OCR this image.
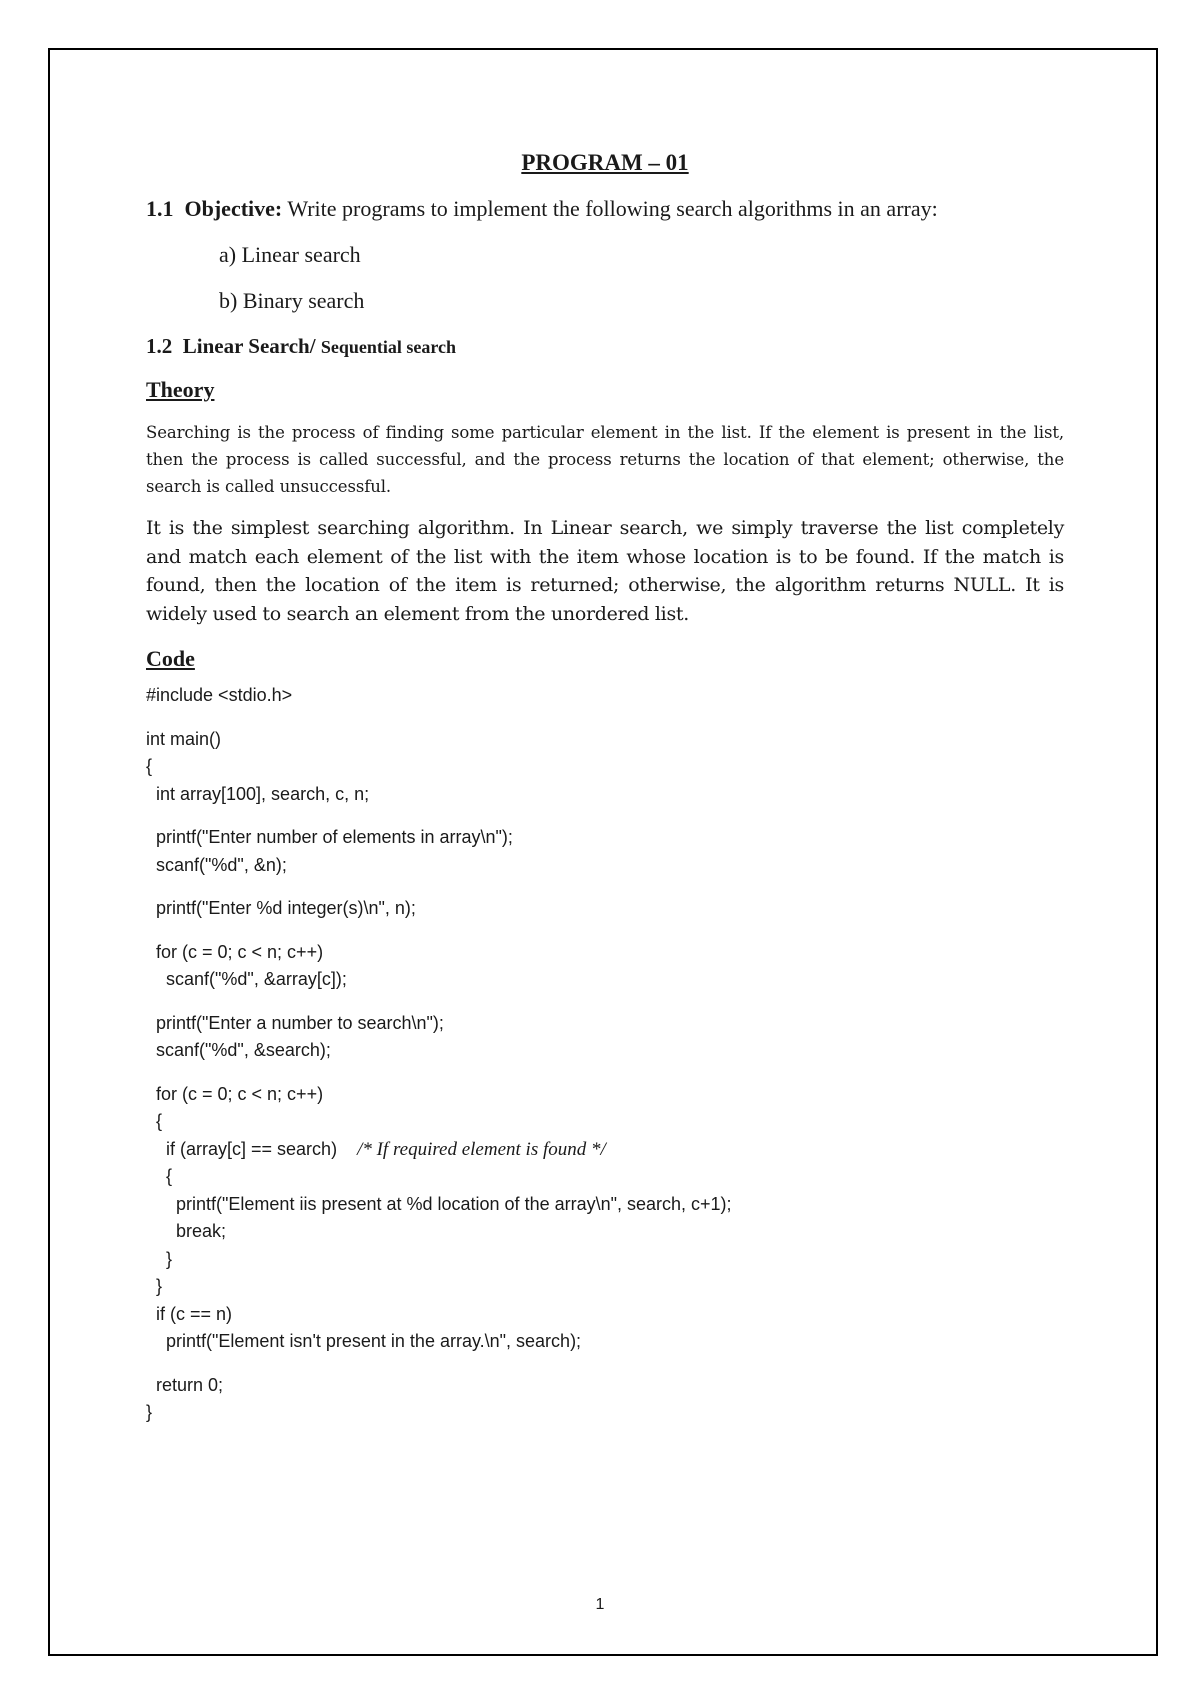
PROGRAM – 01
1.1 Objective: Write programs to implement the following search algorithms in an array:
a) Linear search
b) Binary search
1.2 Linear Search/ Sequential search
Theory
Searching is the process of finding some particular element in the list. If the element is present in the list, then the process is called successful, and the process returns the location of that element; otherwise, the search is called unsuccessful.
It is the simplest searching algorithm. In Linear search, we simply traverse the list completely and match each element of the list with the item whose location is to be found. If the match is found, then the location of the item is returned; otherwise, the algorithm returns NULL. It is widely used to search an element from the unordered list.
Code
#include <stdio.h>
int main()
{
int array[100], search, c, n;
printf("Enter number of elements in array\n");
scanf("%d", &n);
printf("Enter %d integer(s)\n", n);
for (c = 0; c < n; c++)
scanf("%d", &array[c]);
printf("Enter a number to search\n");
scanf("%d", &search);
for (c = 0; c < n; c++)
{
if (array[c] == search)    /* If required element is found */
{
printf("Element iis present at %d location of the array\n", search, c+1);
break;
}
}
if (c == n)
printf("Element isn't present in the array.\n", search);
return 0;
}
1
